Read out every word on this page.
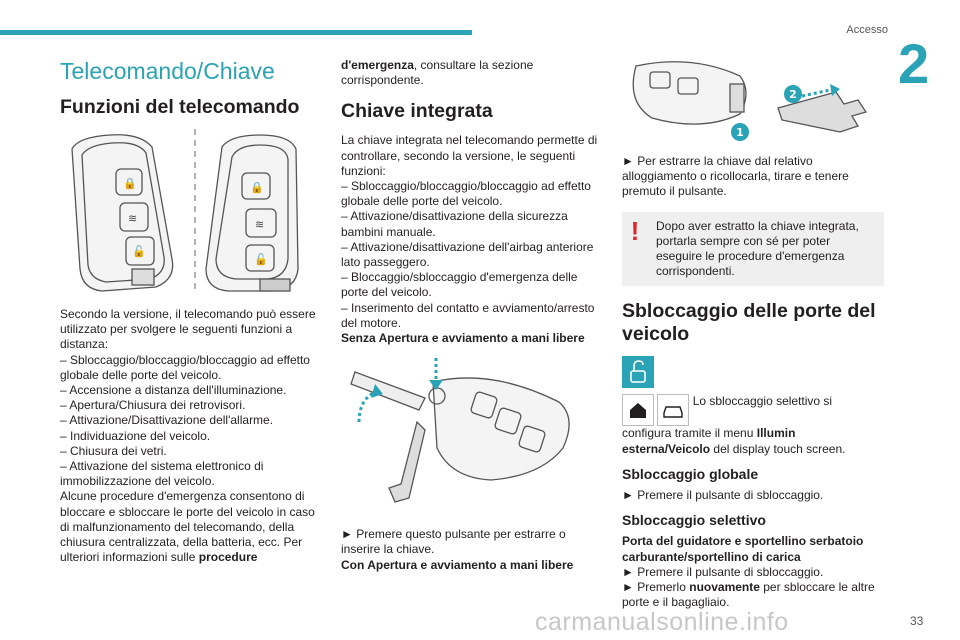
Accesso
2
Telecomando/Chiave
Funzioni del telecomando
🔒
≋
🔓
🔒
≋
🔓

Secondo la versione, il telecomando può essere utilizzato per svolgere le seguenti funzioni a distanza:

– Sbloccaggio/bloccaggio/bloccaggio ad effetto globale delle porte del veicolo.

– Accensione a distanza dell'illuminazione.

– Apertura/Chiusura dei retrovisori.

– Attivazione/Disattivazione dell'allarme.

– Individuazione del veicolo.

– Chiusura dei vetri.

– Attivazione del sistema elettronico di immobilizzazione del veicolo.

Alcune procedure d'emergenza consentono di bloccare e sbloccare le porte del veicolo in caso di malfunzionamento del telecomando, della chiusura centralizzata, della batteria, ecc. Per ulteriori informazioni sulle procedure

d'emergenza, consultare la sezione corrispondente.

Chiave integrata

La chiave integrata nel telecomando permette di controllare, secondo la versione, le seguenti funzioni:

– Sbloccaggio/bloccaggio/bloccaggio ad effetto globale delle porte del veicolo.

– Attivazione/disattivazione della sicurezza bambini manuale.

– Attivazione/disattivazione dell'airbag anteriore lato passeggero.

– Bloccaggio/sbloccaggio d'emergenza delle porte del veicolo.

– Inserimento del contatto e avviamento/arresto del motore.

Senza Apertura e avviamento a mani libere

► Premere questo pulsante per estrarre o inserire la chiave.

Con Apertura e avviamento a mani libere

2
1

► Per estrarre la chiave dal relativo alloggiamento o ricollocarla, tirare e tenere premuto il pulsante.

!	Dopo aver estratto la chiave integrata, portarla sempre con sé per poter eseguire le procedure d'emergenza corrispondenti.
Sbloccaggio delle porte del veicolo
Lo sbloccaggio selettivo si configura tramite il menu Illumin esterna/Veicolo del display touch screen.
Sbloccaggio globale

► Premere il pulsante di sbloccaggio.

Sbloccaggio selettivo

Porta del guidatore e sportellino serbatoio carburante/sportellino di carica

► Premere il pulsante di sbloccaggio.

► Premerlo nuovamente per sbloccare le altre porte e il bagagliaio.

carmanualsonline.info	33
